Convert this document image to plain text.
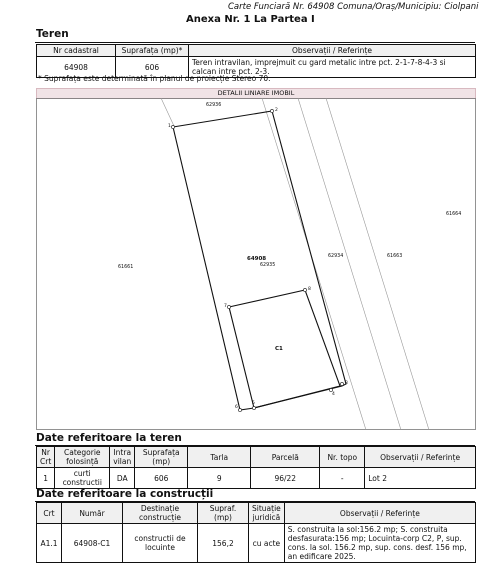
Carte Funciară Nr. 64908 Comuna/Oraș/Municipiu: Ciolpani
Anexa Nr. 1 La Partea I
Teren
Nr cadastral	Suprafața (mp)*	Observații / Referințe
64908	606	Teren intravilan, imprejmuit cu gard metalic intre pct. 2-1-7-8-4-3 si calcan intre pct. 2-3.
* Suprafața este determinată în planul de proiecție Stereo 70.
DETALII LINIARE IMOBIL
1
2
7
8
3
4
5
6
62936
61661
62934	61663
61664
62935
64908
C1
Date referitoare la teren
Nr Crt	Categorie folosință	Intra vilan	Suprafața (mp)	Tarla	Parcelă	Nr. topo	Observații / Referințe
1	curti constructii	DA	606	9	96/22	-	Lot 2
Date referitoare la construcții
Crt	Număr	Destinație construcție	Supraf. (mp)	Situație juridică	Observații / Referințe
A1.1	64908-C1	constructii de locuinte	156,2	cu acte	S. construita la sol:156.2 mp; S. construita desfasurata:156 mp; Locuinta-corp C2, P, sup. cons. la sol. 156.2 mp, sup. cons. desf. 156 mp, an edificare 2025.
